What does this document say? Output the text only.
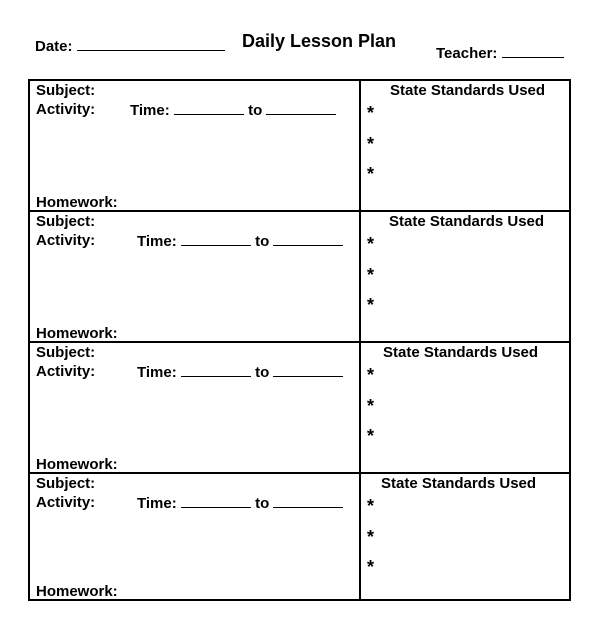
Date:	Daily Lesson Plan
Teacher:
Subject:
Activity: Time:	to
Homework:
State Standards Used
*
*
*
Subject:
Activity:	Time:	to
Homework:
State Standards Used
*
*
*
Subject:
Activity:	Time:	to
Homework:
State Standards Used
*
*
*
Subject:
Activity:	Time:	to
Homework:
State Standards Used
*
*
*
